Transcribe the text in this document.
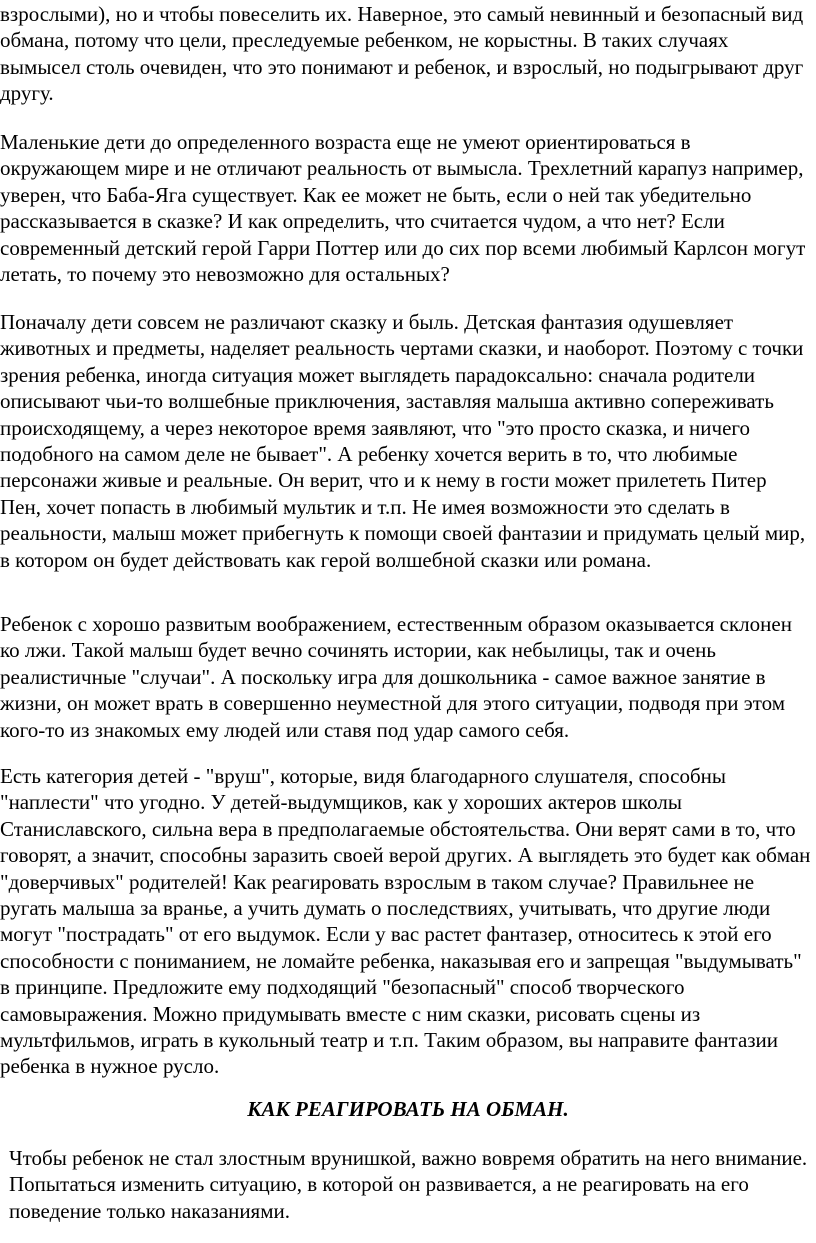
взрослыми), но и чтобы повеселить их. Наверное, это самый невинный и безопасный вид обмана, потому что цели, преследуемые ребенком, не корыстны. В таких случаях вымысел столь очевиден, что это понимают и ребенок, и взрослый, но подыгрывают друг другу.

Маленькие дети до определенного возраста еще не умеют ориентироваться в окружающем мире и не отличают реальность от вымысла. Трехлетний карапуз например, уверен, что Баба-Яга существует. Как ее может не быть, если о ней так убедительно рассказывается в сказке? И как определить, что считается чудом, а что нет? Если современный детский герой Гарри Поттер или до сих пор всеми любимый Карлсон могут летать, то почему это невозможно для остальных?

Поначалу дети совсем не различают сказку и быль. Детская фантазия одушевляет животных и предметы, наделяет реальность чертами сказки, и наоборот. Поэтому с точки зрения ребенка, иногда ситуация может выглядеть парадоксально: сначала родители описывают чьи-то волшебные приключения, заставляя малыша активно сопереживать происходящему, а через некоторое время заявляют, что "это просто сказка, и ничего подобного на самом деле не бывает". А ребенку хочется верить в то, что любимые персонажи живые и реальные. Он верит, что и к нему в гости может прилететь Питер Пен, хочет попасть в любимый мультик и т.п. Не имея возможности это сделать в реальности, малыш может прибегнуть к помощи своей фантазии и придумать целый мир, в котором он будет действовать как герой волшебной сказки или романа.

Ребенок с хорошо развитым воображением, естественным образом оказывается склонен ко лжи. Такой малыш будет вечно сочинять истории, как небылицы, так и очень реалистичные "случаи". А поскольку игра для дошкольника - самое важное занятие в жизни, он может врать в совершенно неуместной для этого ситуации, подводя при этом кого-то из знакомых ему людей или ставя под удар самого себя.

Есть категория детей - "вруш", которые, видя благодарного слушателя, способны "наплести" что угодно. У детей-выдумщиков, как у хороших актеров школы Станиславского, сильна вера в предполагаемые обстоятельства. Они верят сами в то, что говорят, а значит, способны заразить своей верой других. А выглядеть это будет как обман "доверчивых" родителей! Как реагировать взрослым в таком случае? Правильнее не ругать малыша за вранье, а учить думать о последствиях, учитывать, что другие люди могут "пострадать" от его выдумок. Если у вас растет фантазер, относитесь к этой его способности с пониманием, не ломайте ребенка, наказывая его и запрещая "выдумывать" в принципе. Предложите ему подходящий "безопасный" способ творческого самовыражения. Можно придумывать вместе с ним сказки, рисовать сцены из мультфильмов, играть в кукольный театр и т.п. Таким образом, вы направите фантазии ребенка в нужное русло.

КАК РЕАГИРОВАТЬ НА ОБМАН.

Чтобы ребенок не стал злостным врунишкой, важно вовремя обратить на него внимание. Попытаться изменить ситуацию, в которой он развивается, а не реагировать на его поведение только наказаниями.
